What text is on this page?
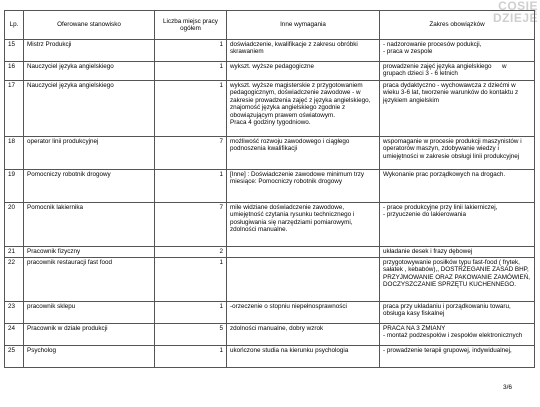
COSIĘ
DZIEJE
Lp.	Oferowane stanowisko	Liczba miejsc pracy ogółem	Inne wymagania	Zakres obowiązków
15	Mistrz Produkcji	1	doświadczenie, kwalifikacje z zakresu obróbki skrawaniem	- nadzorowanie procesów podukcji,
- praca w zespole
16	Nauczyciel języka angielskiego	1	wykszt. wyższe pedagogiczne	prowadzenie zajęć języka angielskiego      w grupach dzieci 3 - 6 letnich
17	Nauczyciel języka angielskiego	1	wykszt. wyższe magisterskie z przygotowaniem pedagogicznym, doświadczenie zawodowe - w zakresie prowadzenia zajęć z języka angielskiego, znajomość języka angielskiego zgodnie z obowiązującym prawem oświatowym.
Praca 4 godziny tygodniowo.	praca dydaktyczno - wychowawcza z dziećmi w wieku 3-6 lat, tworzenie warunków do kontaktu z językiem angielskim
18	operator linii produkcyjnej	7	możliwość rozwoju zawodowego i ciągłego podnoszenia kwalifikacji	wspomaganie w procesie produkcji maszynistów i operatorów maszyn, zdobywanie wiedzy i umiejętności w zakresie obsługi linii produkcyjnej
19	Pomocniczy robotnik drogowy	1	[Inne] : Doświadczenie zawodowe minimum trzy miesiące: Pomocniczy robotnik drogowy	Wykonanie prac porządkowych na drogach.
20	Pomocnik lakiernika	7	mile widziane doświadczenie zawodowe, umiejętność czytania rysunku technicznego i posługiwania się narzędziami pomiarowymi, zdolności manualne.	- prace produkcyjne przy linii lakierniczej,
- przyuczenie do lakierowania
21	Pracownik fizyczny	2		układanie desek i frazy dębowej
22	pracownik restauracji fast food	1		przygotowywanie posiłków typu fast-food ( frytek, sałatek , kebabów),, DOSTRZEGANIE ZASAD BHP, PRZYJMOWANIE ORAZ PAKOWANIE ZAMÓWIEŃ, DOCZYSZCZANIE SPRZĘTU KUCHENNEGO.
23	pracownik sklepu	1	-orzeczenie o stopniu niepełnosprawności	praca przy układaniu i porządkowaniu towaru, obsługa kasy fiskalnej
24	Pracownik w dziale produkcji	5	zdolności manualne, dobry wzrok	PRACA NA 3 ZMIANY
- montaż podzespołów i zespołów elektronicznych
25	Psycholog	1	ukończone studia na kierunku psychologia	- prowadzenie terapii grupowej, indywidualnej,
3/6
